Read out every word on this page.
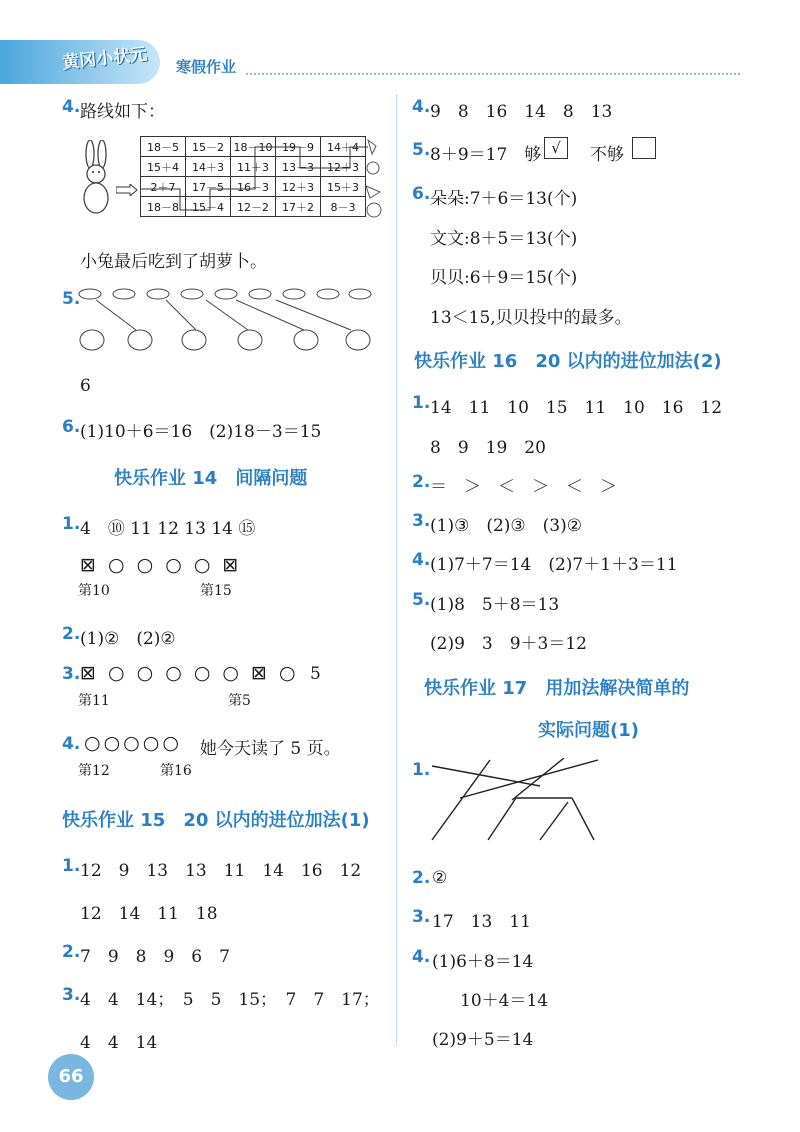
黄冈小状元 寒假作业
4. 路线如下：
18－5	15－2	18－10	19－9	14＋4
15＋4	14＋3	11＋3	13－3	12＋3
2＋7	17－5	16－3	12＋3	15＋3
18－8	15－4	12－2	17＋2	8－3
小兔最后吃到了胡萝卜。
5.
6
6. (1)10＋6＝16　(2)18－3＝15
快乐作业 14　间隔问题
1. 4　⑩ 11 12 13 14 ⑮
⊠ ○ ○ ○ ○ ⊠
第10	第15
2. (1)②　(2)②
3. ⊠ ○ ○ ○ ○ ○ ⊠ ○ 5
第11	第5
4. ○○○○○ 她今天读了 5 页。
第12	第16
快乐作业 15　20 以内的进位加法(1)
1. 12　9　13　13　11　14　16　12
12　14　11　18
2. 7　9　8　9　6　7
3. 4　4　14；　5　5　15；　7　7　17；
4　4　14
66
4. 9　8　16　14　8　13
5. 8＋9＝17　够 √	不够
6. 朵朵:7＋6＝13(个)
文文:8＋5＝13(个)
贝贝:6＋9＝15(个)
13＜15,贝贝投中的最多。
快乐作业 16　20 以内的进位加法(2)
1. 14　11　10　15　11　10　16　12
8　9　19　20
2. ＝　＞　＜　＞　＜　＞
3. (1)③　(2)③　(3)②
4. (1)7＋7＝14　(2)7＋1＋3＝11
5. (1)8　5＋8＝13
(2)9　3　9＋3＝12
快乐作业 17　用加法解决简单的
实际问题(1)
1.
2. ②
3. 17　13　11
4. (1)6＋8＝14
10＋4＝14
(2)9＋5＝14
